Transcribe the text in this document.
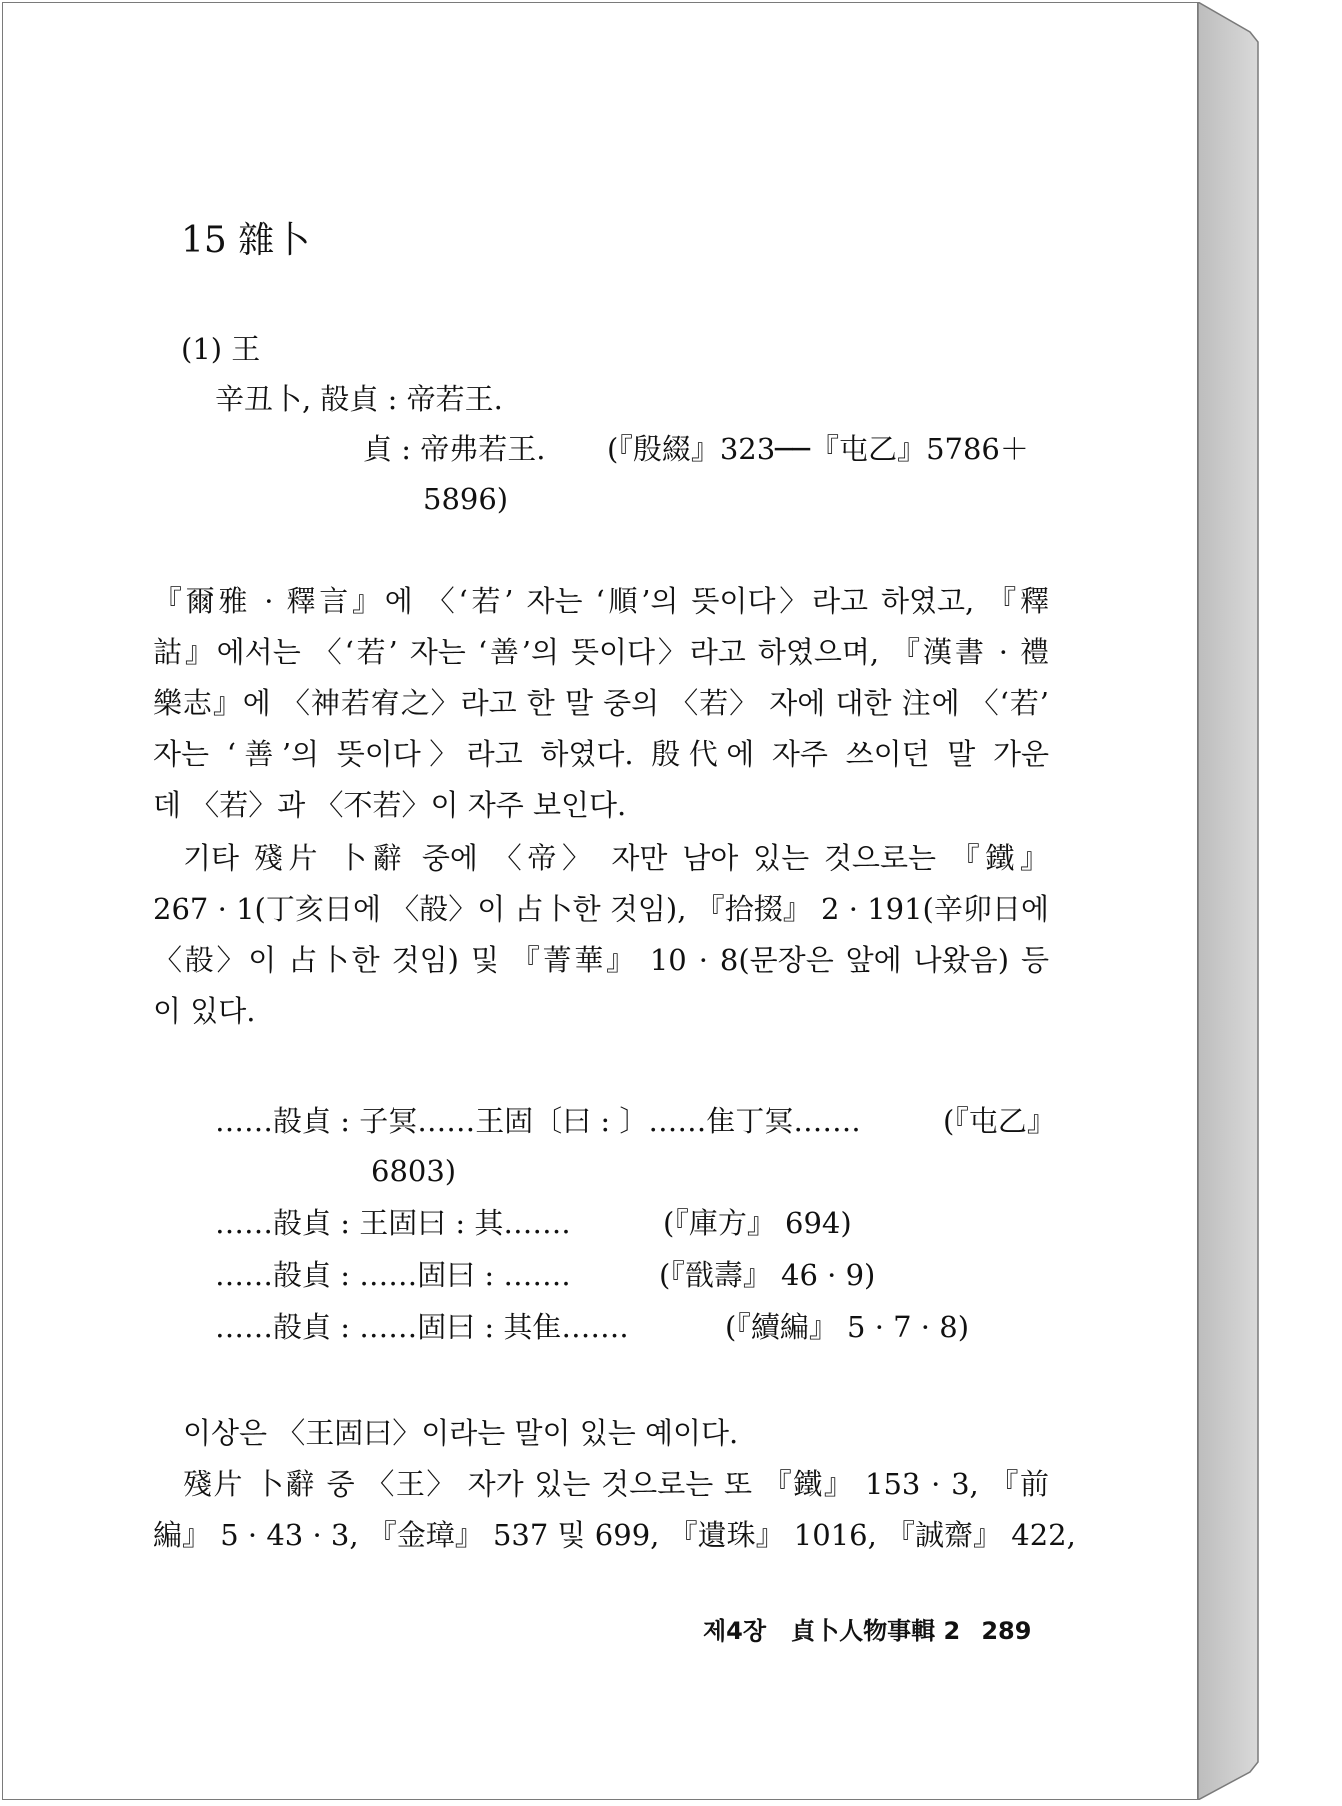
15 雜卜

(1) 王

辛丑卜, 㱿貞 : 帝若王.

貞 : 帝弗若王. (『殷綴』323──『屯乙』5786＋

5896)

『爾雅 · 釋言』에 〈‘若’ 자는 ‘順’의 뜻이다〉라고 하였고, 『釋

詁』에서는 〈‘若’ 자는 ‘善’의 뜻이다〉라고 하였으며, 『漢書 · 禮

樂志』에 〈神若宥之〉라고 한 말 중의 〈若〉 자에 대한 注에 〈‘若’

자는 ‘善’의 뜻이다〉라고 하였다. 殷代에 자주 쓰이던 말 가운

데 〈若〉과 〈不若〉이 자주 보인다.

기타 殘片 卜辭 중에 〈帝〉 자만 남아 있는 것으로는 『鐵』

267 · 1(丁亥日에 〈㱿〉이 占卜한 것임), 『拾掇』 2 · 191(辛卯日에

〈㱿〉이 占卜한 것임) 및 『菁華』 10 · 8(문장은 앞에 나왔음) 등

이 있다.

……㱿貞 : 子冥……王固〔曰 : 〕……隹丁冥…….	(『屯乙』

6803)

……㱿貞 : 王固曰 : 其…….	(『庫方』 694)

……㱿貞 : ……固曰 : …….	(『戩壽』 46 · 9)

……㱿貞 : ……固曰 : 其隹…….	(『續編』 5 · 7 · 8)

이상은 〈王固曰〉이라는 말이 있는 예이다.

殘片 卜辭 중 〈王〉 자가 있는 것으로는 또 『鐵』 153 · 3, 『前

編』 5 · 43 · 3, 『金璋』 537 및 699, 『遺珠』 1016, 『誠齋』 422,

제4장 貞卜人物事輯 2 289
